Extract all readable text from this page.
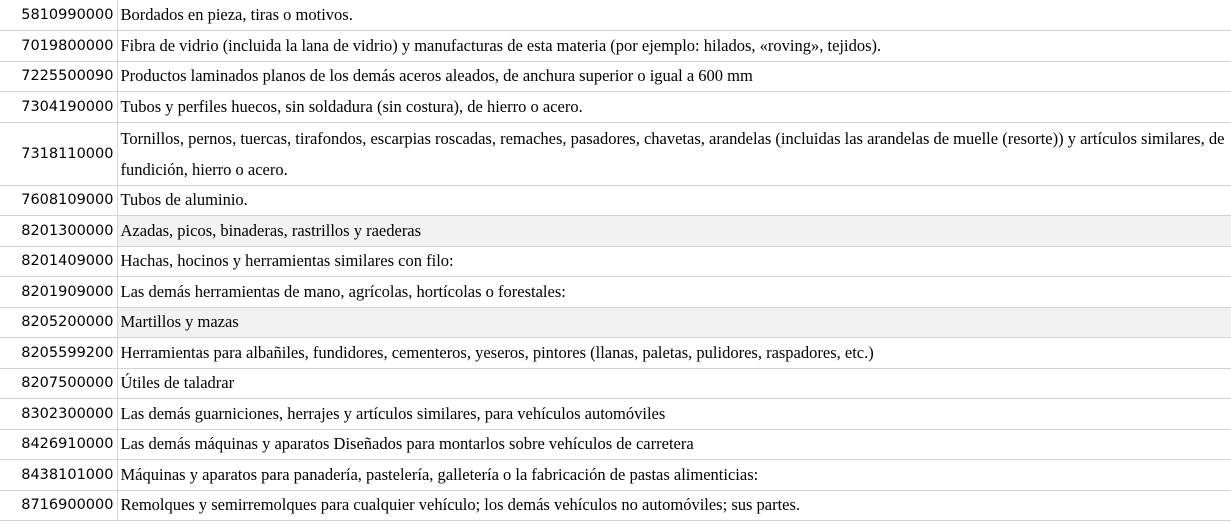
5810990000	Bordados en pieza, tiras o motivos.
7019800000	Fibra de vidrio (incluida la lana de vidrio) y manufacturas de esta materia (por ejemplo: hilados, «roving», tejidos).
7225500090	Productos laminados planos de los demás aceros aleados, de anchura superior o igual a 600 mm
7304190000	Tubos y perfiles huecos, sin soldadura (sin costura), de hierro o acero.
7318110000	Tornillos, pernos, tuercas, tirafondos, escarpias roscadas, remaches, pasadores, chavetas, arandelas (incluidas las arandelas de muelle (resorte)) y artículos similares, de fundición, hierro o acero.
7608109000	Tubos de aluminio.
8201300000	Azadas, picos, binaderas, rastrillos y raederas
8201409000	Hachas, hocinos y herramientas similares con filo:
8201909000	Las demás herramientas de mano, agrícolas, hortícolas o forestales:
8205200000	Martillos y mazas
8205599200	Herramientas para albañiles, fundidores, cementeros, yeseros, pintores (llanas, paletas, pulidores, raspadores, etc.)
8207500000	Útiles de taladrar
8302300000	Las demás guarniciones, herrajes y artículos similares, para vehículos automóviles
8426910000	Las demás máquinas y aparatos Diseñados para montarlos sobre vehículos de carretera
8438101000	Máquinas y aparatos para panadería, pastelería, galletería o la fabricación de pastas alimenticias:
8716900000	Remolques y semirremolques para cualquier vehículo; los demás vehículos no automóviles; sus partes.
